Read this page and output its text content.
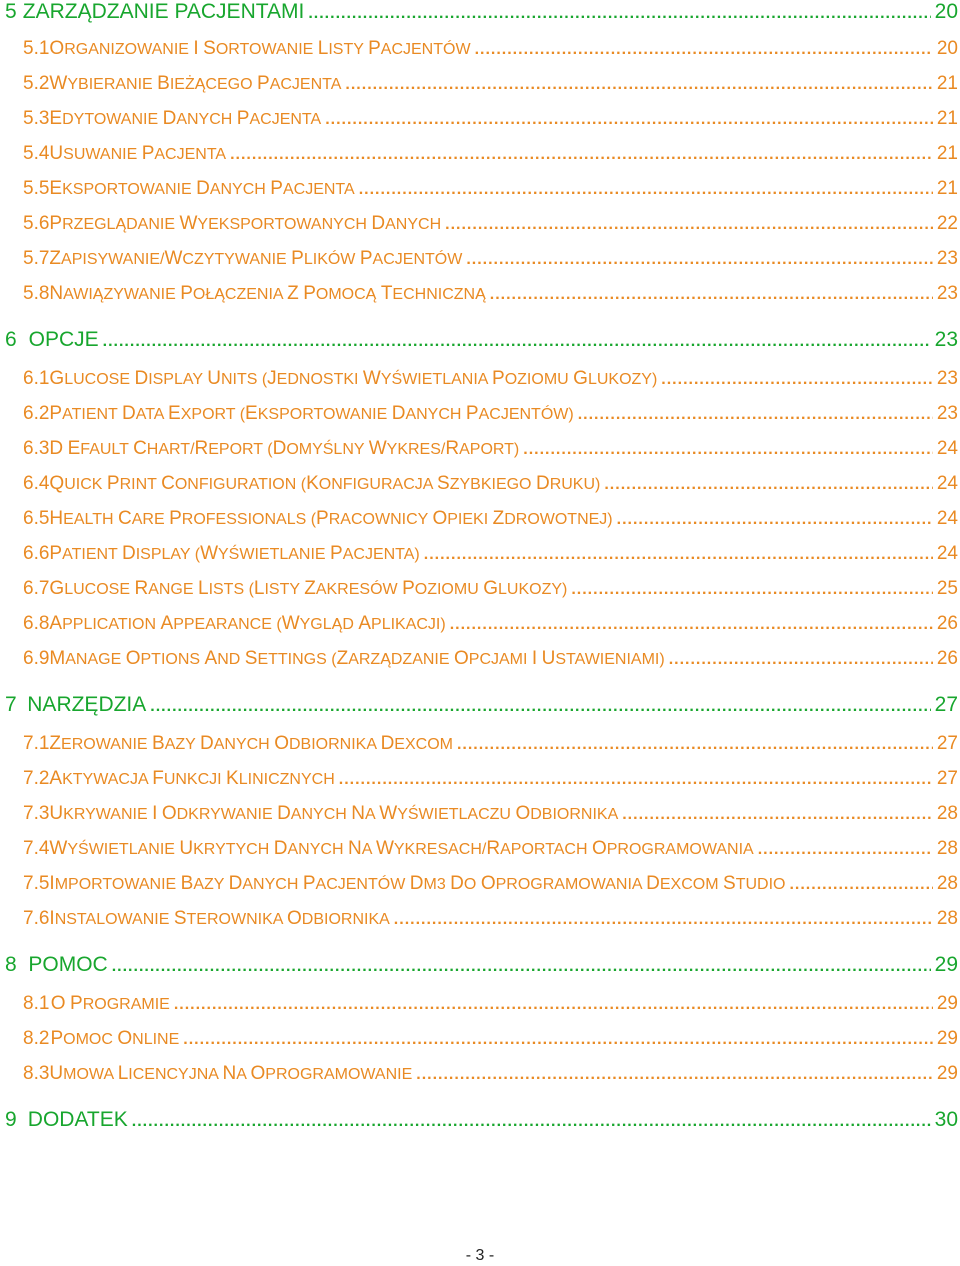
5 ZARZĄDZANIE PACJENTAMI .....	20
5.1 ORGANIZOWANIE I SORTOWANIE LISTY PACJENTÓW .....	20
5.2 WYBIERANIE BIEŻĄCEGO PACJENTA .....	21
5.3 EDYTOWANIE DANYCH PACJENTA .....	21
5.4 USUWANIE PACJENTA .....	21
5.5 EKSPORTOWANIE DANYCH PACJENTA .....	21
5.6 PRZEGLĄDANIE WYEKSPORTOWANYCH DANYCH .....	22
5.7 ZAPISYWANIE/WCZYTYWANIE PLIKÓW PACJENTÓW .....	23
5.8 NAWIĄZYWANIE POŁĄCZENIA Z POMOCĄ TECHNICZNĄ .....	23
6 OPCJE .....	23
6.1 GLUCOSE DISPLAY UNITS (JEDNOSTKI WYŚWIETLANIA POZIOMU GLUKOZY) .....	23
6.2 PATIENT DATA EXPORT (EKSPORTOWANIE DANYCH PACJENTÓW) .....	23
6.3 D EFAULT CHART/REPORT (DOMYŚLNY WYKRES/RAPORT) .....	24
6.4 QUICK PRINT CONFIGURATION (KONFIGURACJA SZYBKIEGO DRUKU) .....	24
6.5 HEALTH CARE PROFESSIONALS (PRACOWNICY OPIEKI ZDROWOTNEJ) .....	24
6.6 PATIENT DISPLAY (WYŚWIETLANIE PACJENTA) .....	24
6.7 GLUCOSE RANGE LISTS (LISTY ZAKRESÓW POZIOMU GLUKOZY) .....	25
6.8 APPLICATION APPEARANCE (WYGLĄD APLIKACJI) .....	26
6.9 MANAGE OPTIONS AND SETTINGS (ZARZĄDZANIE OPCJAMI I USTAWIENIAMI) .....	26
7 NARZĘDZIA .....	27
7.1 ZEROWANIE BAZY DANYCH ODBIORNIKA DEXCOM .....	27
7.2 AKTYWACJA FUNKCJI KLINICZNYCH .....	27
7.3 UKRYWANIE I ODKRYWANIE DANYCH NA WYŚWIETLACZU ODBIORNIKA .....	28
7.4 WYŚWIETLANIE UKRYTYCH DANYCH NA WYKRESACH/RAPORTACH OPROGRAMOWANIA .....	28
7.5 IMPORTOWANIE BAZY DANYCH PACJENTÓW DM3 DO OPROGRAMOWANIA DEXCOM STUDIO .....	28
7.6 INSTALOWANIE STEROWNIKA ODBIORNIKA .....	28
8 POMOC .....	29
8.1 O PROGRAMIE .....	29
8.2 POMOC ONLINE .....	29
8.3 UMOWA LICENCYJNA NA OPROGRAMOWANIE .....	29
9 DODATEK .....	30
- 3 -
